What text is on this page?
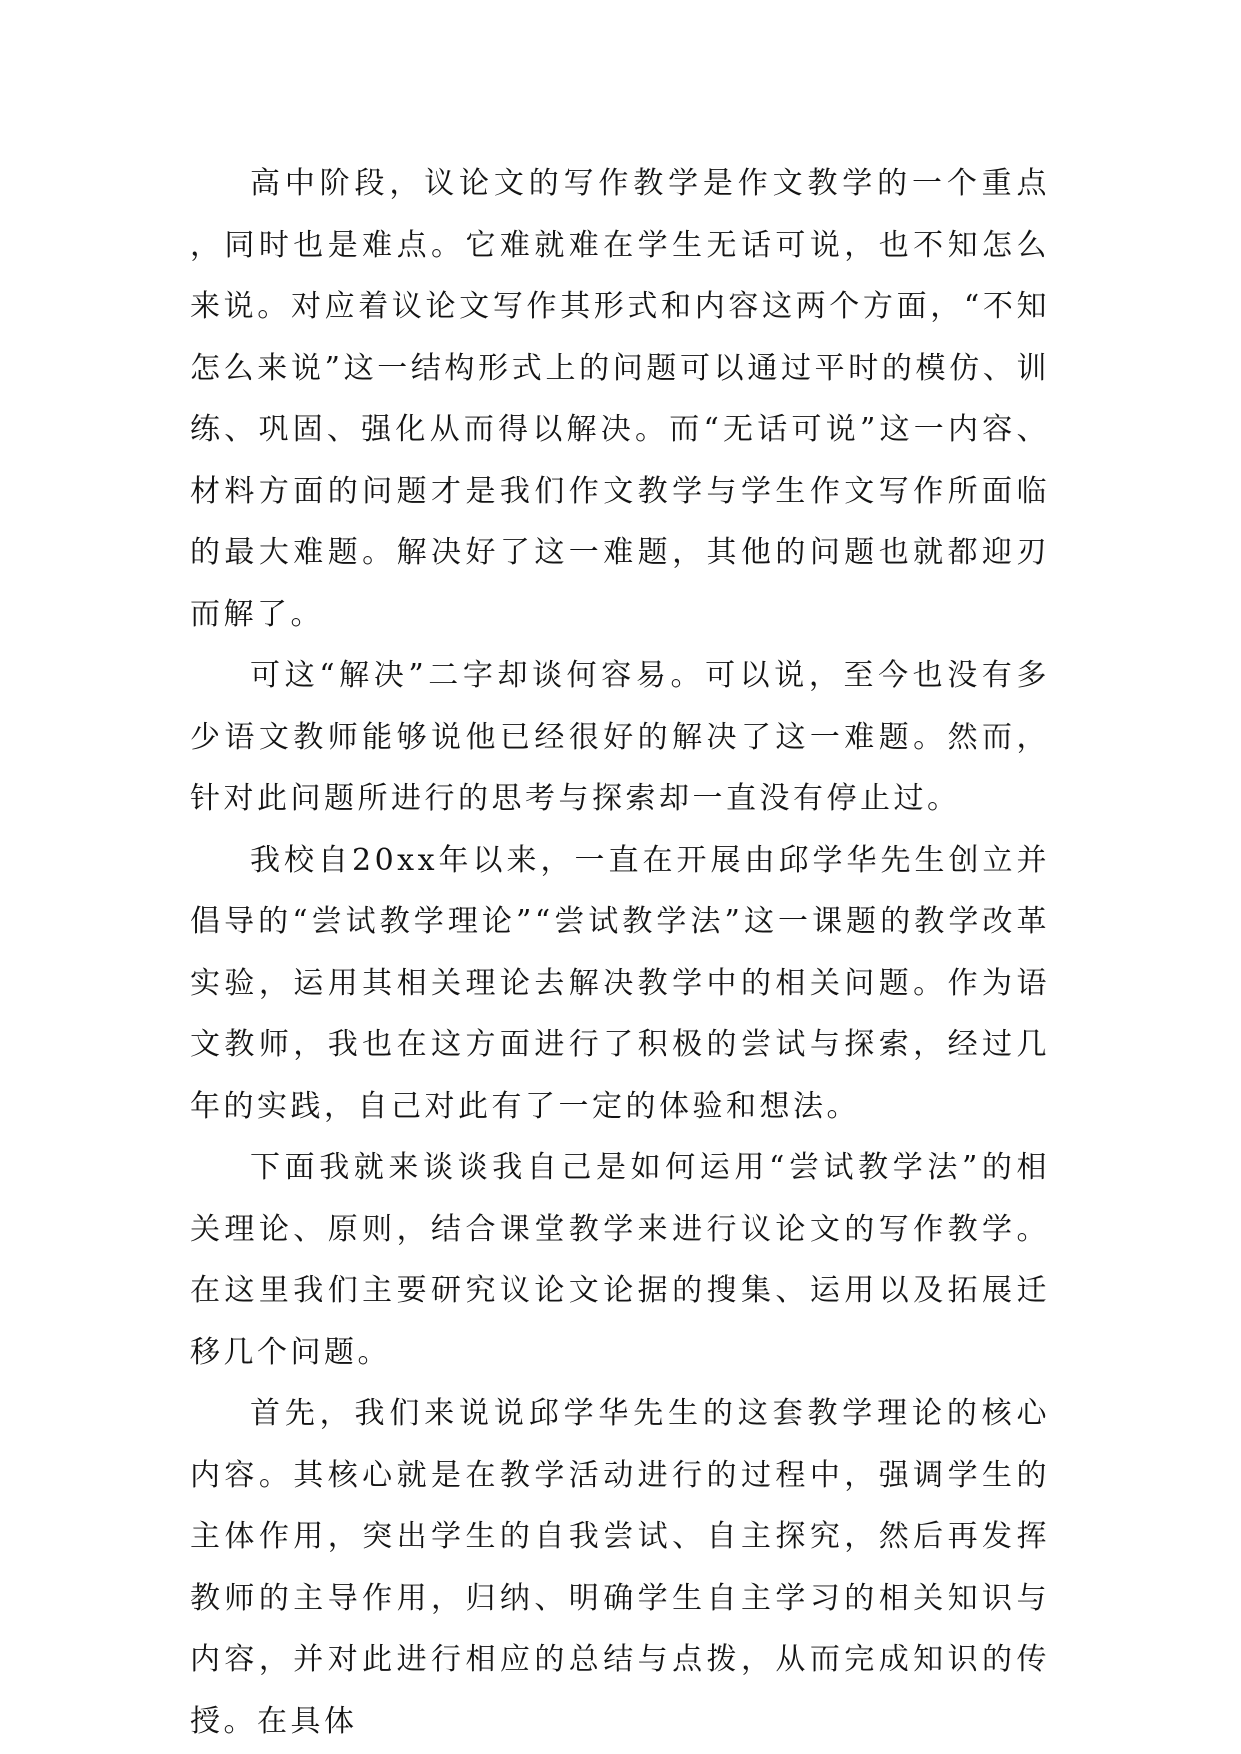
高中阶段，议论文的写作教学是作文教学的一个重点，同时也是难点。它难就难在学生无话可说，也不知怎么来说。对应着议论文写作其形式和内容这两个方面，“不知怎么来说”这一结构形式上的问题可以通过平时的模仿、训练、巩固、强化从而得以解决。而“无话可说”这一内容、材料方面的问题才是我们作文教学与学生作文写作所面临的最大难题。解决好了这一难题，其他的问题也就都迎刃而解了。

可这“解决”二字却谈何容易。可以说，至今也没有多少语文教师能够说他已经很好的解决了这一难题。然而，针对此问题所进行的思考与探索却一直没有停止过。

我校自20xx年以来，一直在开展由邱学华先生创立并倡导的“尝试教学理论”“尝试教学法”这一课题的教学改革实验，运用其相关理论去解决教学中的相关问题。作为语文教师，我也在这方面进行了积极的尝试与探索，经过几年的实践，自己对此有了一定的体验和想法。

下面我就来谈谈我自己是如何运用“尝试教学法”的相关理论、原则，结合课堂教学来进行议论文的写作教学。在这里我们主要研究议论文论据的搜集、运用以及拓展迁移几个问题。

首先，我们来说说邱学华先生的这套教学理论的核心内容。其核心就是在教学活动进行的过程中，强调学生的主体作用，突出学生的自我尝试、自主探究，然后再发挥教师的主导作用，归纳、明确学生自主学习的相关知识与内容，并对此进行相应的总结与点拨，从而完成知识的传授。在具体
